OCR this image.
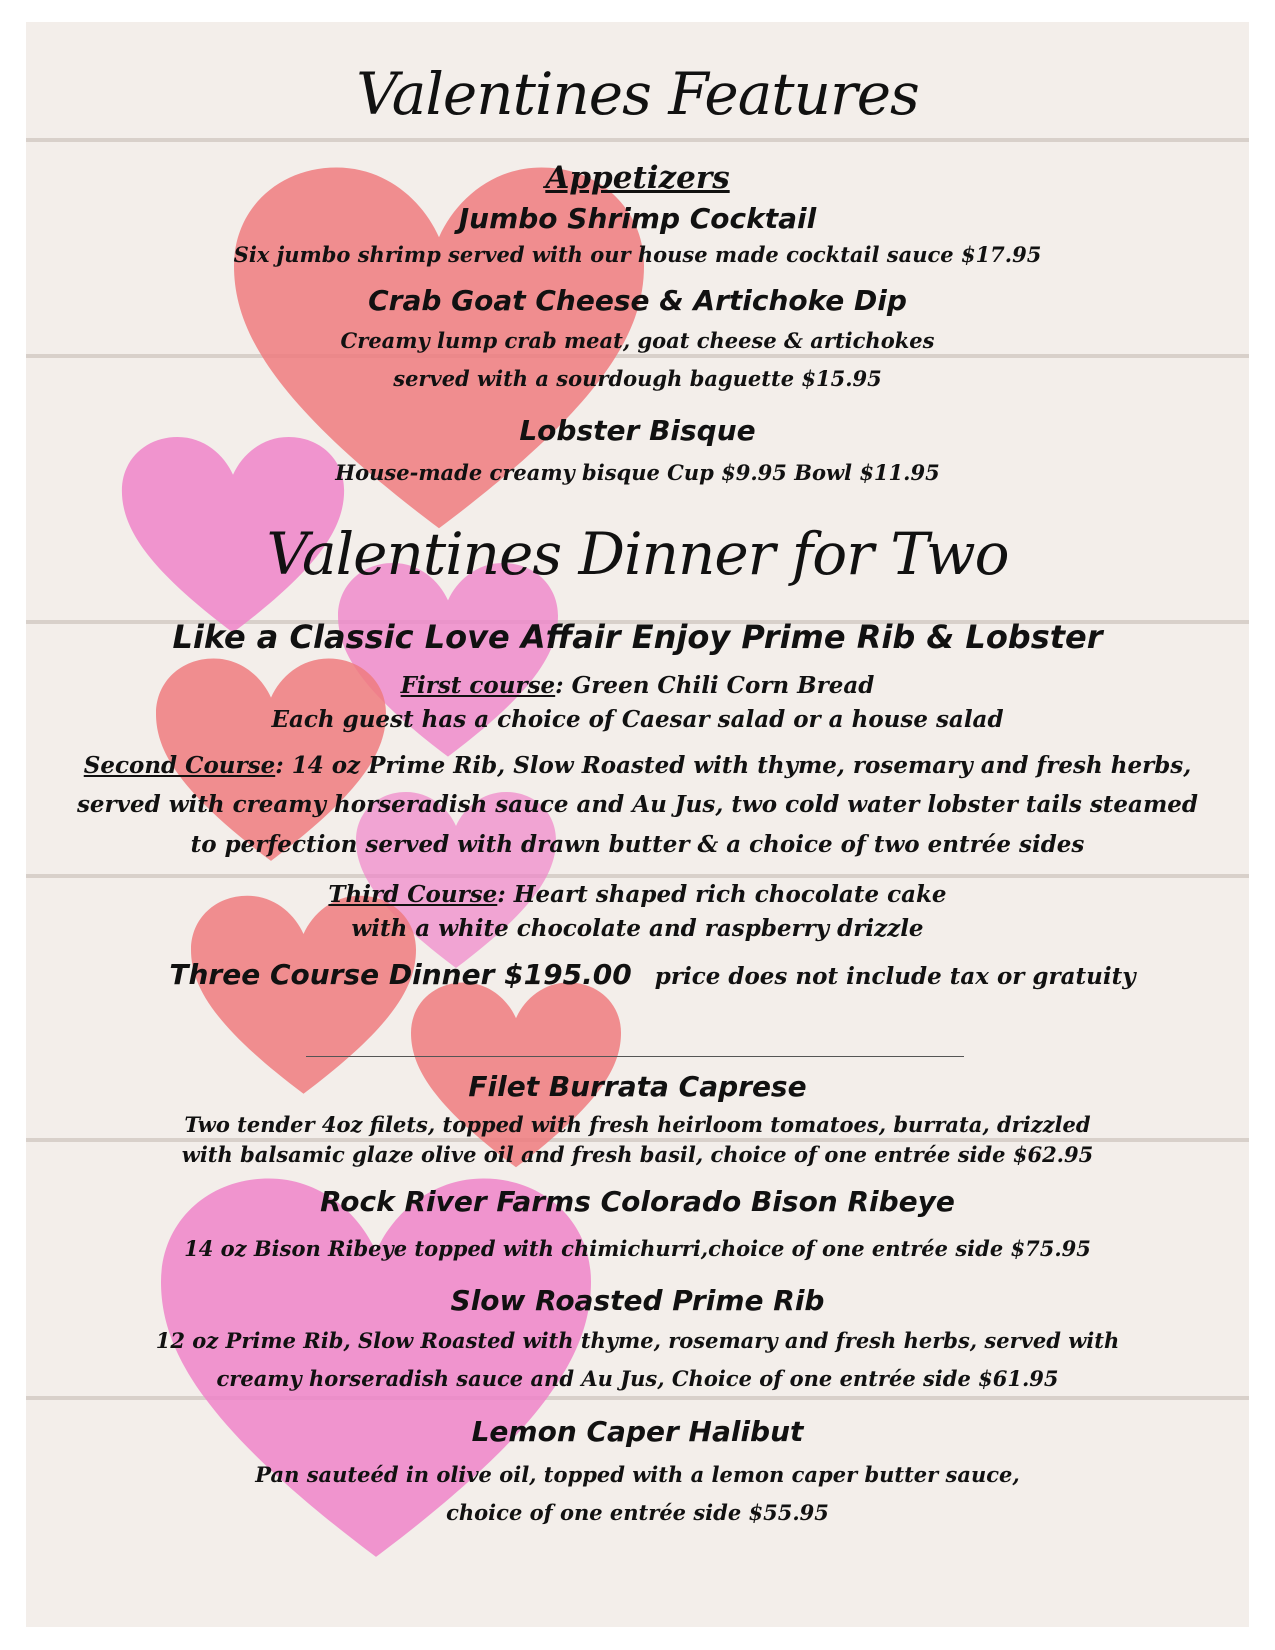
Valentines Features
Appetizers
Jumbo Shrimp Cocktail
Six jumbo shrimp served with our house made cocktail sauce $17.95
Crab Goat Cheese & Artichoke Dip
Creamy lump crab meat, goat cheese & artichokes
served with a sourdough baguette $15.95
Lobster Bisque
House-made creamy bisque Cup $9.95 Bowl $11.95
Valentines Dinner for Two
Like a Classic Love Affair Enjoy Prime Rib & Lobster
First course: Green Chili Corn Bread
Each guest has a choice of Caesar salad or a house salad
Second Course: 14 oz Prime Rib, Slow Roasted with thyme, rosemary and fresh herbs,
served with creamy horseradish sauce and Au Jus, two cold water lobster tails steamed
to perfection served with drawn butter & a choice of two entrée sides
Third Course: Heart shaped rich chocolate cake
with a white chocolate and raspberry drizzle
Three Course Dinner $195.00 price does not include tax or gratuity
Filet Burrata Caprese
Two tender 4oz filets, topped with fresh heirloom tomatoes, burrata, drizzled
with balsamic glaze olive oil and fresh basil, choice of one entrée side $62.95
Rock River Farms Colorado Bison Ribeye
14 oz Bison Ribeye topped with chimichurri,choice of one entrée side $75.95
Slow Roasted Prime Rib
12 oz Prime Rib, Slow Roasted with thyme, rosemary and fresh herbs, served with
creamy horseradish sauce and Au Jus, Choice of one entrée side $61.95
Lemon Caper Halibut
Pan sauteéd in olive oil, topped with a lemon caper butter sauce,
choice of one entrée side $55.95
